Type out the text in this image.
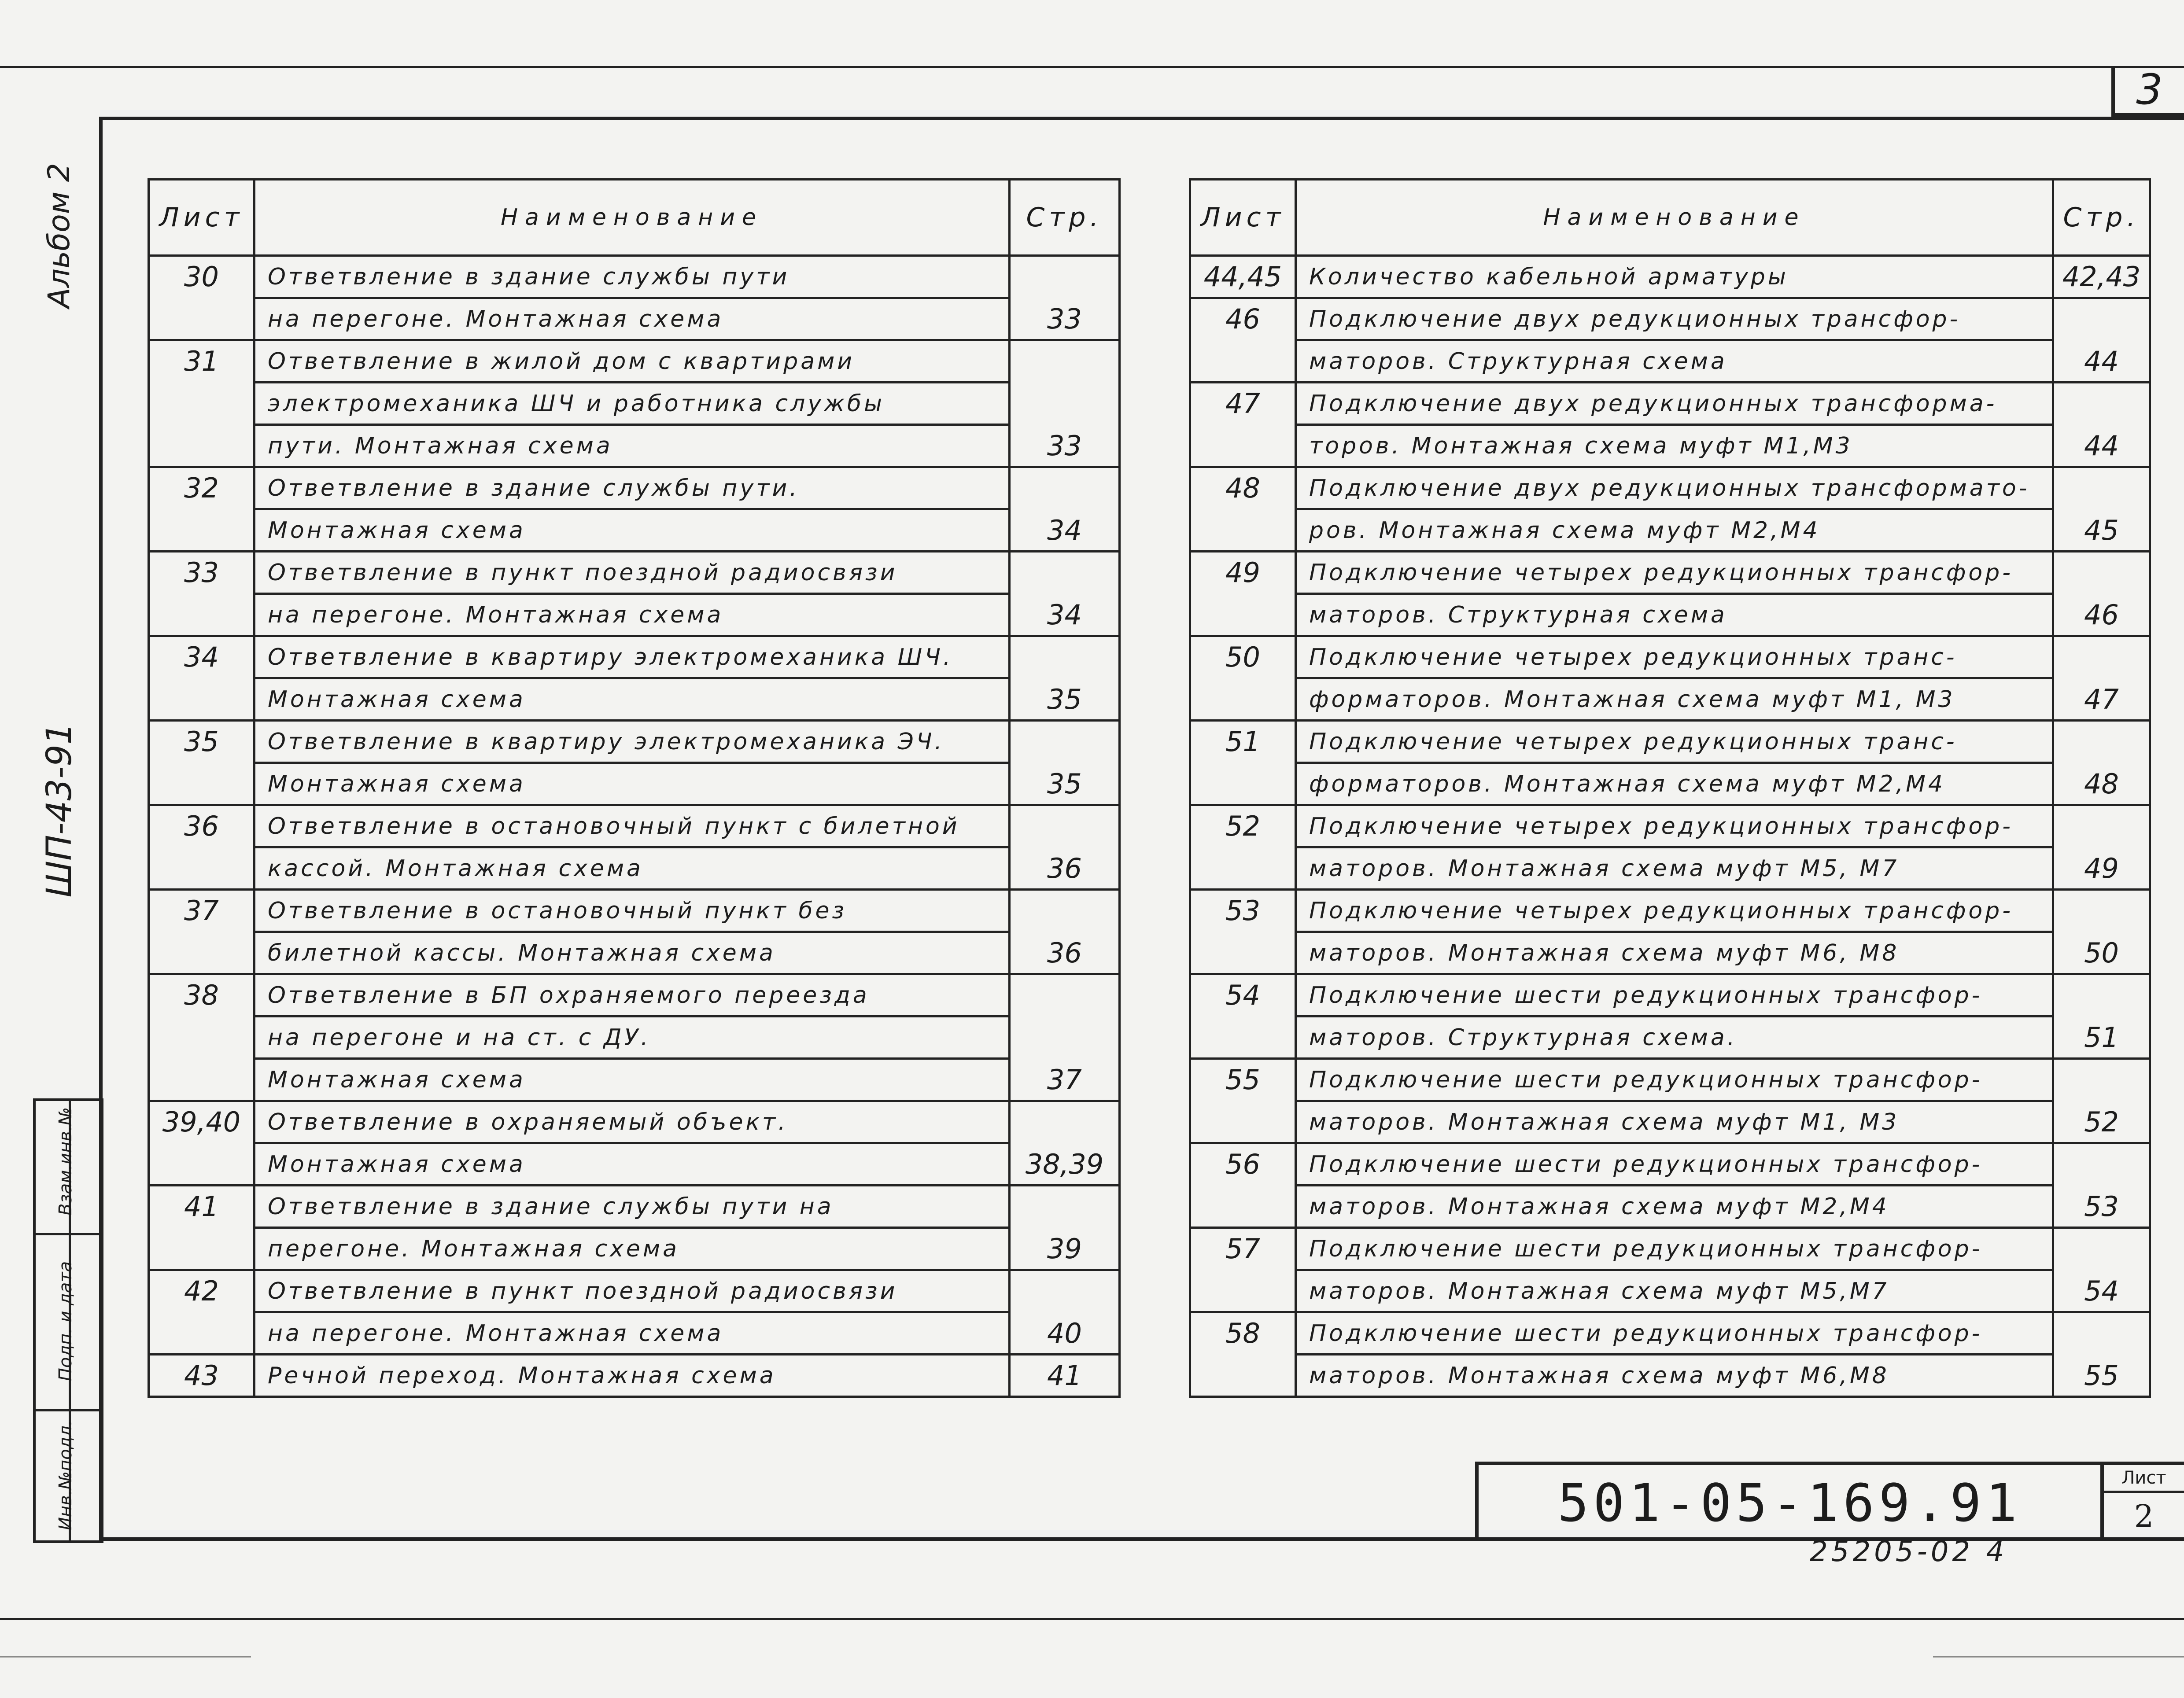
3
Альбом 2
ШП-43-91
Взам.инв.№
Подп. и дата
Инв.№подл.
Лист	Наименование	Стр.
30	Ответвление в здание службы пути	
	на перегоне. Монтажная схема	33
31	Ответвление в жилой дом с квартирами	
	электромеханика ШЧ и работника службы	
	пути. Монтажная схема	33
32	Ответвление в здание службы пути.	
	Монтажная схема	34
33	Ответвление в пункт поездной радиосвязи	
	на перегоне. Монтажная схема	34
34	Ответвление в квартиру электромеханика ШЧ.	
	Монтажная схема	35
35	Ответвление в квартиру электромеханика ЭЧ.	
	Монтажная схема	35
36	Ответвление в остановочный пункт с билетной	
	кассой. Монтажная схема	36
37	Ответвление в остановочный пункт без	
	билетной кассы. Монтажная схема	36
38	Ответвление в БП охраняемого переезда	
	на перегоне и на ст. с ДУ.	
	Монтажная схема	37
39,40	Ответвление в охраняемый объект.	
	Монтажная схема	38,39
41	Ответвление в здание службы пути на	
	перегоне. Монтажная схема	39
42	Ответвление в пункт поездной радиосвязи	
	на перегоне. Монтажная схема	40
43	Речной переход. Монтажная схема	41
Лист	Наименование	Стр.
44,45	Количество кабельной арматуры	42,43
46	Подключение двух редукционных трансфор-	
	маторов. Структурная схема	44
47	Подключение двух редукционных трансформа-	
	торов. Монтажная схема муфт М1,М3	44
48	Подключение двух редукционных трансформато-	
	ров. Монтажная схема муфт М2,М4	45
49	Подключение четырех редукционных трансфор-	
	маторов. Структурная схема	46
50	Подключение четырех редукционных транс-	
	форматоров. Монтажная схема муфт М1, М3	47
51	Подключение четырех редукционных транс-	
	форматоров. Монтажная схема муфт М2,М4	48
52	Подключение четырех редукционных трансфор-	
	маторов. Монтажная схема муфт М5, М7	49
53	Подключение четырех редукционных трансфор-	
	маторов. Монтажная схема муфт М6, М8	50
54	Подключение шести редукционных трансфор-	
	маторов. Структурная схема.	51
55	Подключение шести редукционных трансфор-	
	маторов. Монтажная схема муфт М1, М3	52
56	Подключение шести редукционных трансфор-	
	маторов. Монтажная схема муфт М2,М4	53
57	Подключение шести редукционных трансфор-	
	маторов. Монтажная схема муфт М5,М7	54
58	Подключение шести редукционных трансфор-	
	маторов. Монтажная схема муфт М6,М8	55
501-05-169.91	Лист
2
25205-02 4
